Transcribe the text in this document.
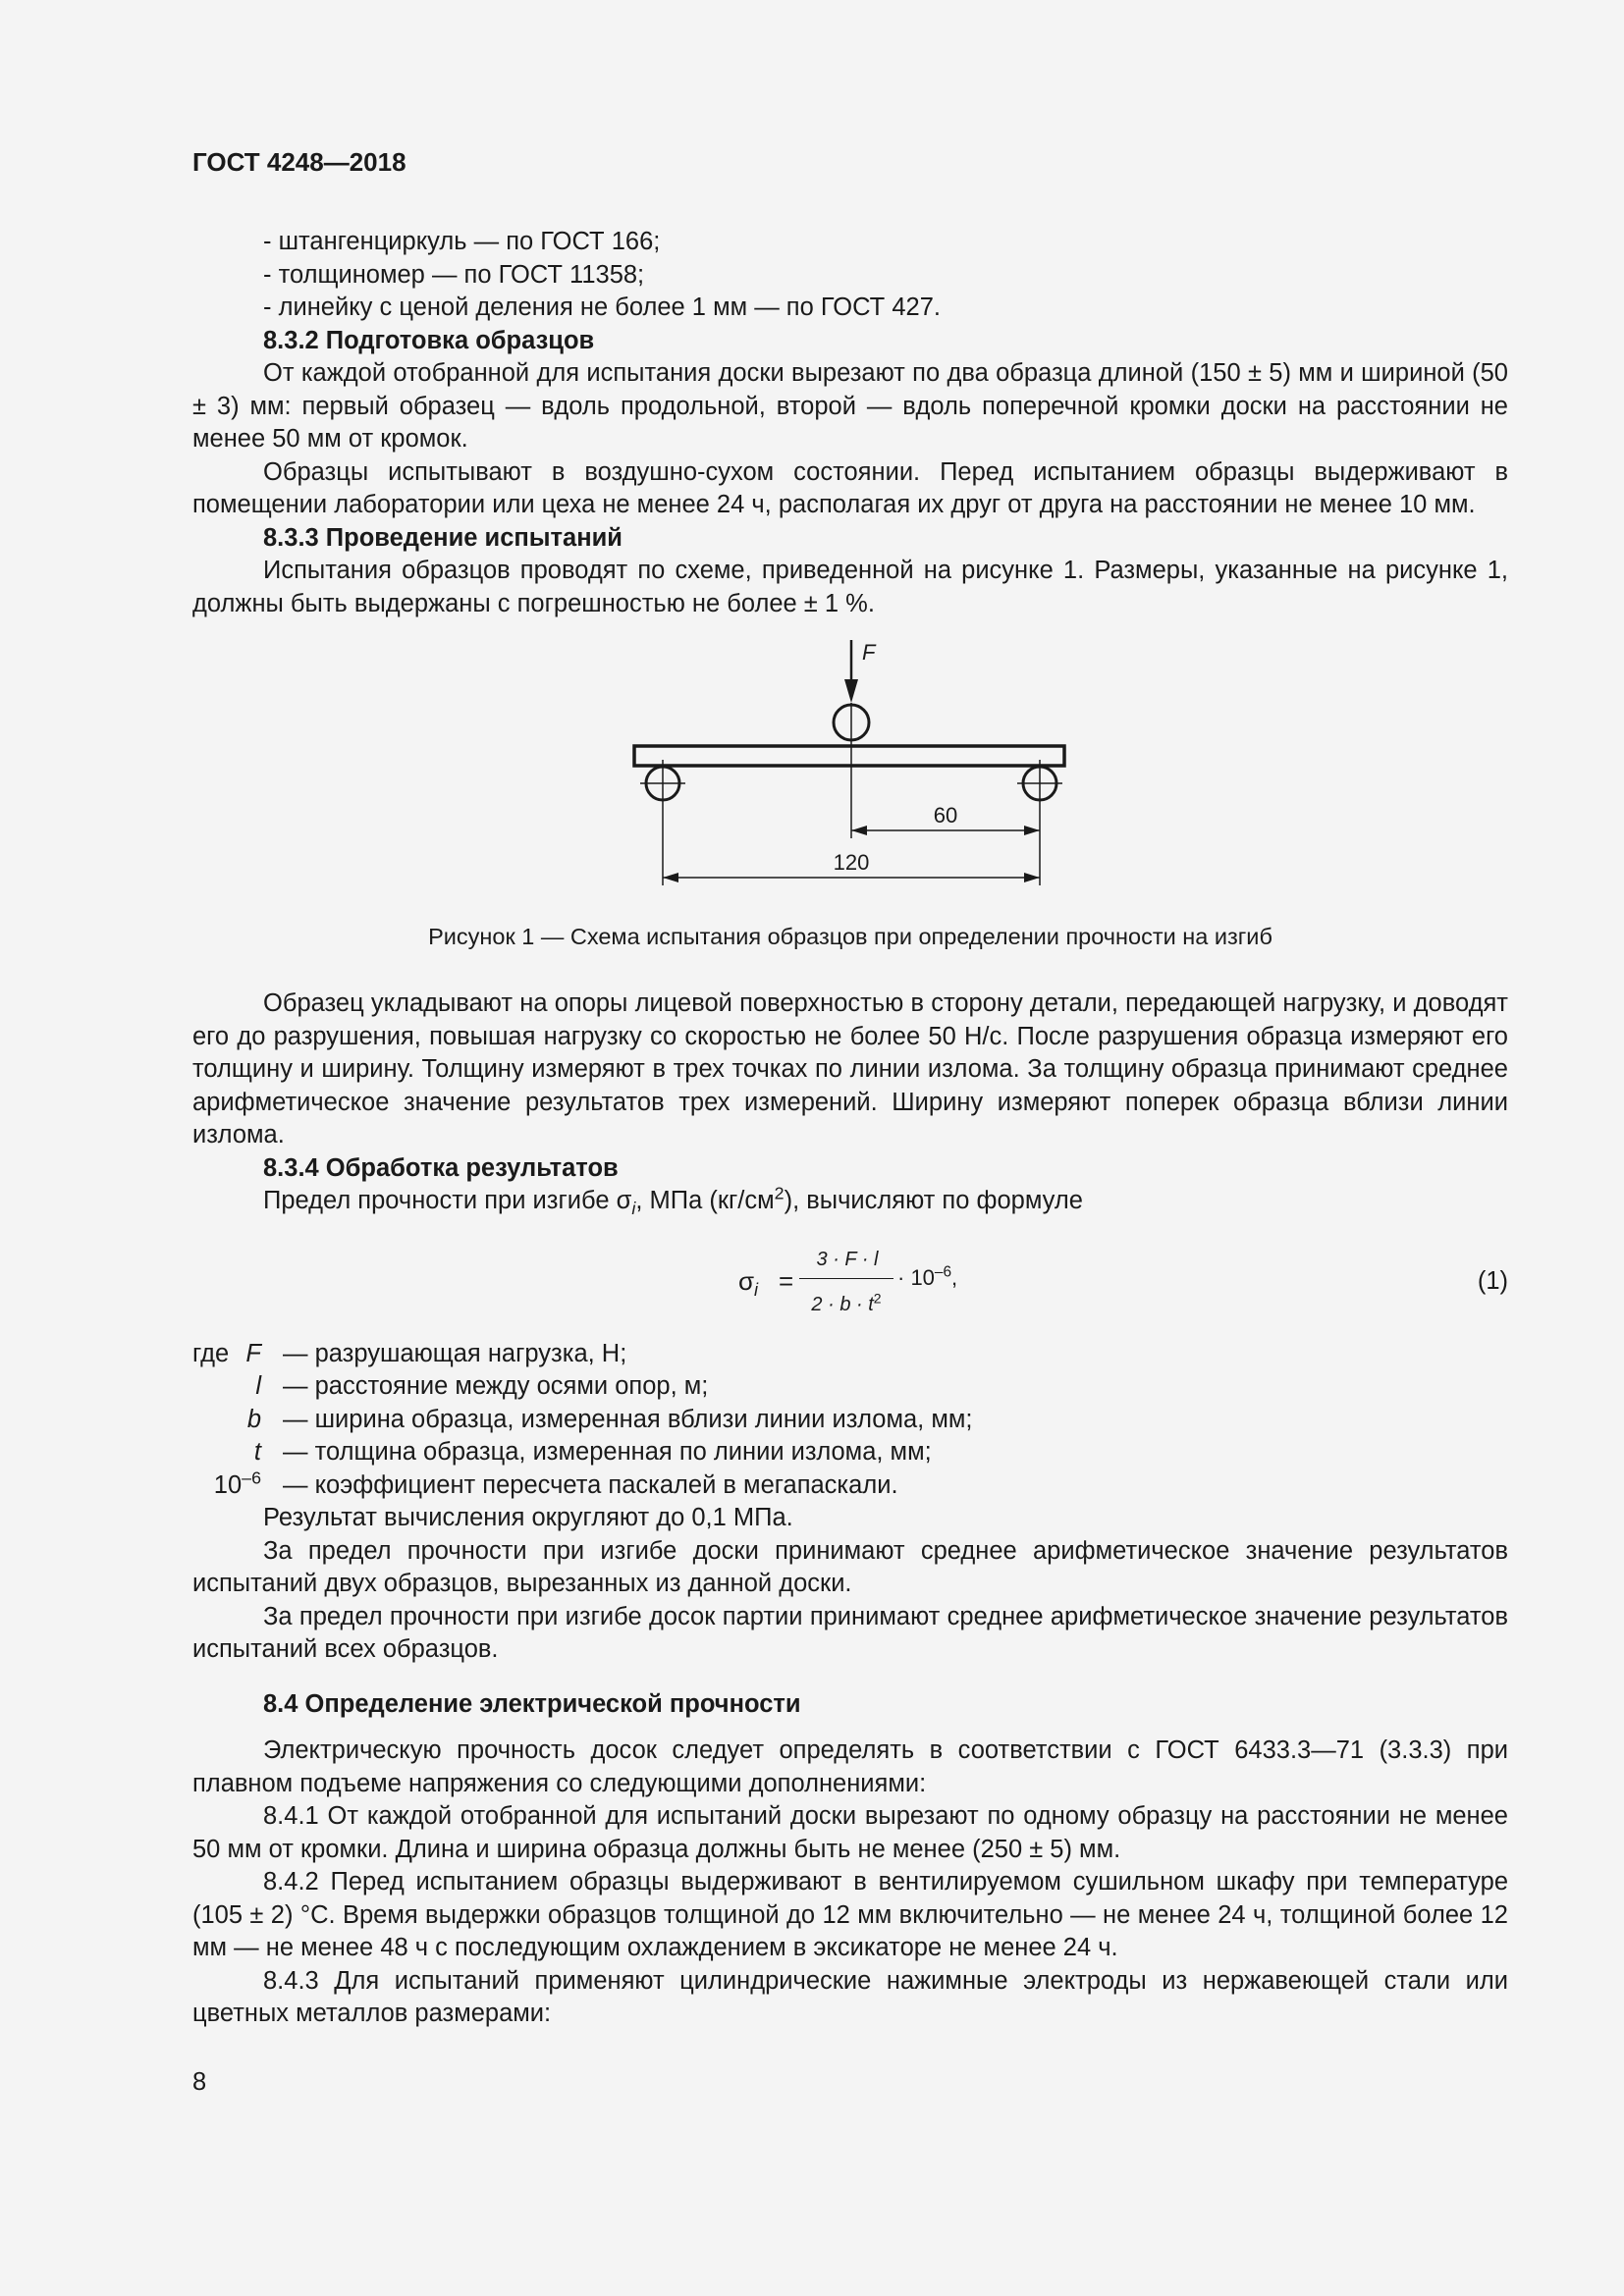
ГОСТ 4248—2018

- штангенциркуль — по ГОСТ 166;

- толщиномер — по ГОСТ 11358;

- линейку с ценой деления не более 1 мм — по ГОСТ 427.

8.3.2 Подготовка образцов

От каждой отобранной для испытания доски вырезают по два образца длиной (150 ± 5) мм и шириной (50 ± 3) мм: первый образец — вдоль продольной, второй — вдоль поперечной кромки доски на расстоянии не менее 50 мм от кромок.

Образцы испытывают в воздушно-сухом состоянии. Перед испытанием образцы выдерживают в помещении лаборатории или цеха не менее 24 ч, располагая их друг от друга на расстоянии не менее 10 мм.

8.3.3 Проведение испытаний

Испытания образцов проводят по схеме, приведенной на рисунке 1. Размеры, указанные на рисунке 1, должны быть выдержаны с погрешностью не более ± 1 %.

F
60
120
Рисунок 1 — Схема испытания образцов при определении прочности на изгиб

Образец укладывают на опоры лицевой поверхностью в сторону детали, передающей нагрузку, и доводят его до разрушения, повышая нагрузку со скоростью не более 50 Н/с. После разрушения образца измеряют его толщину и ширину. Толщину измеряют в трех точках по линии излома. За толщину образца принимают среднее арифметическое значение результатов трех измерений. Ширину измеряют поперек образца вблизи линии излома.

8.3.4 Обработка результатов

Предел прочности при изгибе $\sigma_i$, МПа $(кг/см^2)$, вычисляют по формуле

$\sigma_i$ =
3 · F · l
$2 \cdot b \cdot t^2$
· $10^{-6}$,	(1)
где F — разрушающая нагрузка, Н;
l — расстояние между осями опор, м;
b — ширина образца, измеренная вблизи линии излома, мм;
t — толщина образца, измеренная по линии излома, мм;
$10^{-6}$ — коэффициент пересчета паскалей в мегапаскали.

Результат вычисления округляют до 0,1 МПа.

За предел прочности при изгибе доски принимают среднее арифметическое значение результатов испытаний двух образцов, вырезанных из данной доски.

За предел прочности при изгибе досок партии принимают среднее арифметическое значение результатов испытаний всех образцов.

8.4 Определение электрической прочности

Электрическую прочность досок следует определять в соответствии с ГОСТ 6433.3—71 (3.3.3) при плавном подъеме напряжения со следующими дополнениями:

8.4.1 От каждой отобранной для испытаний доски вырезают по одному образцу на расстоянии не менее 50 мм от кромки. Длина и ширина образца должны быть не менее (250 ± 5) мм.

8.4.2 Перед испытанием образцы выдерживают в вентилируемом сушильном шкафу при температуре (105 ± 2) °С. Время выдержки образцов толщиной до 12 мм включительно — не менее 24 ч, толщиной более 12 мм — не менее 48 ч с последующим охлаждением в эксикаторе не менее 24 ч.

8.4.3 Для испытаний применяют цилиндрические нажимные электроды из нержавеющей стали или цветных металлов размерами:

8
